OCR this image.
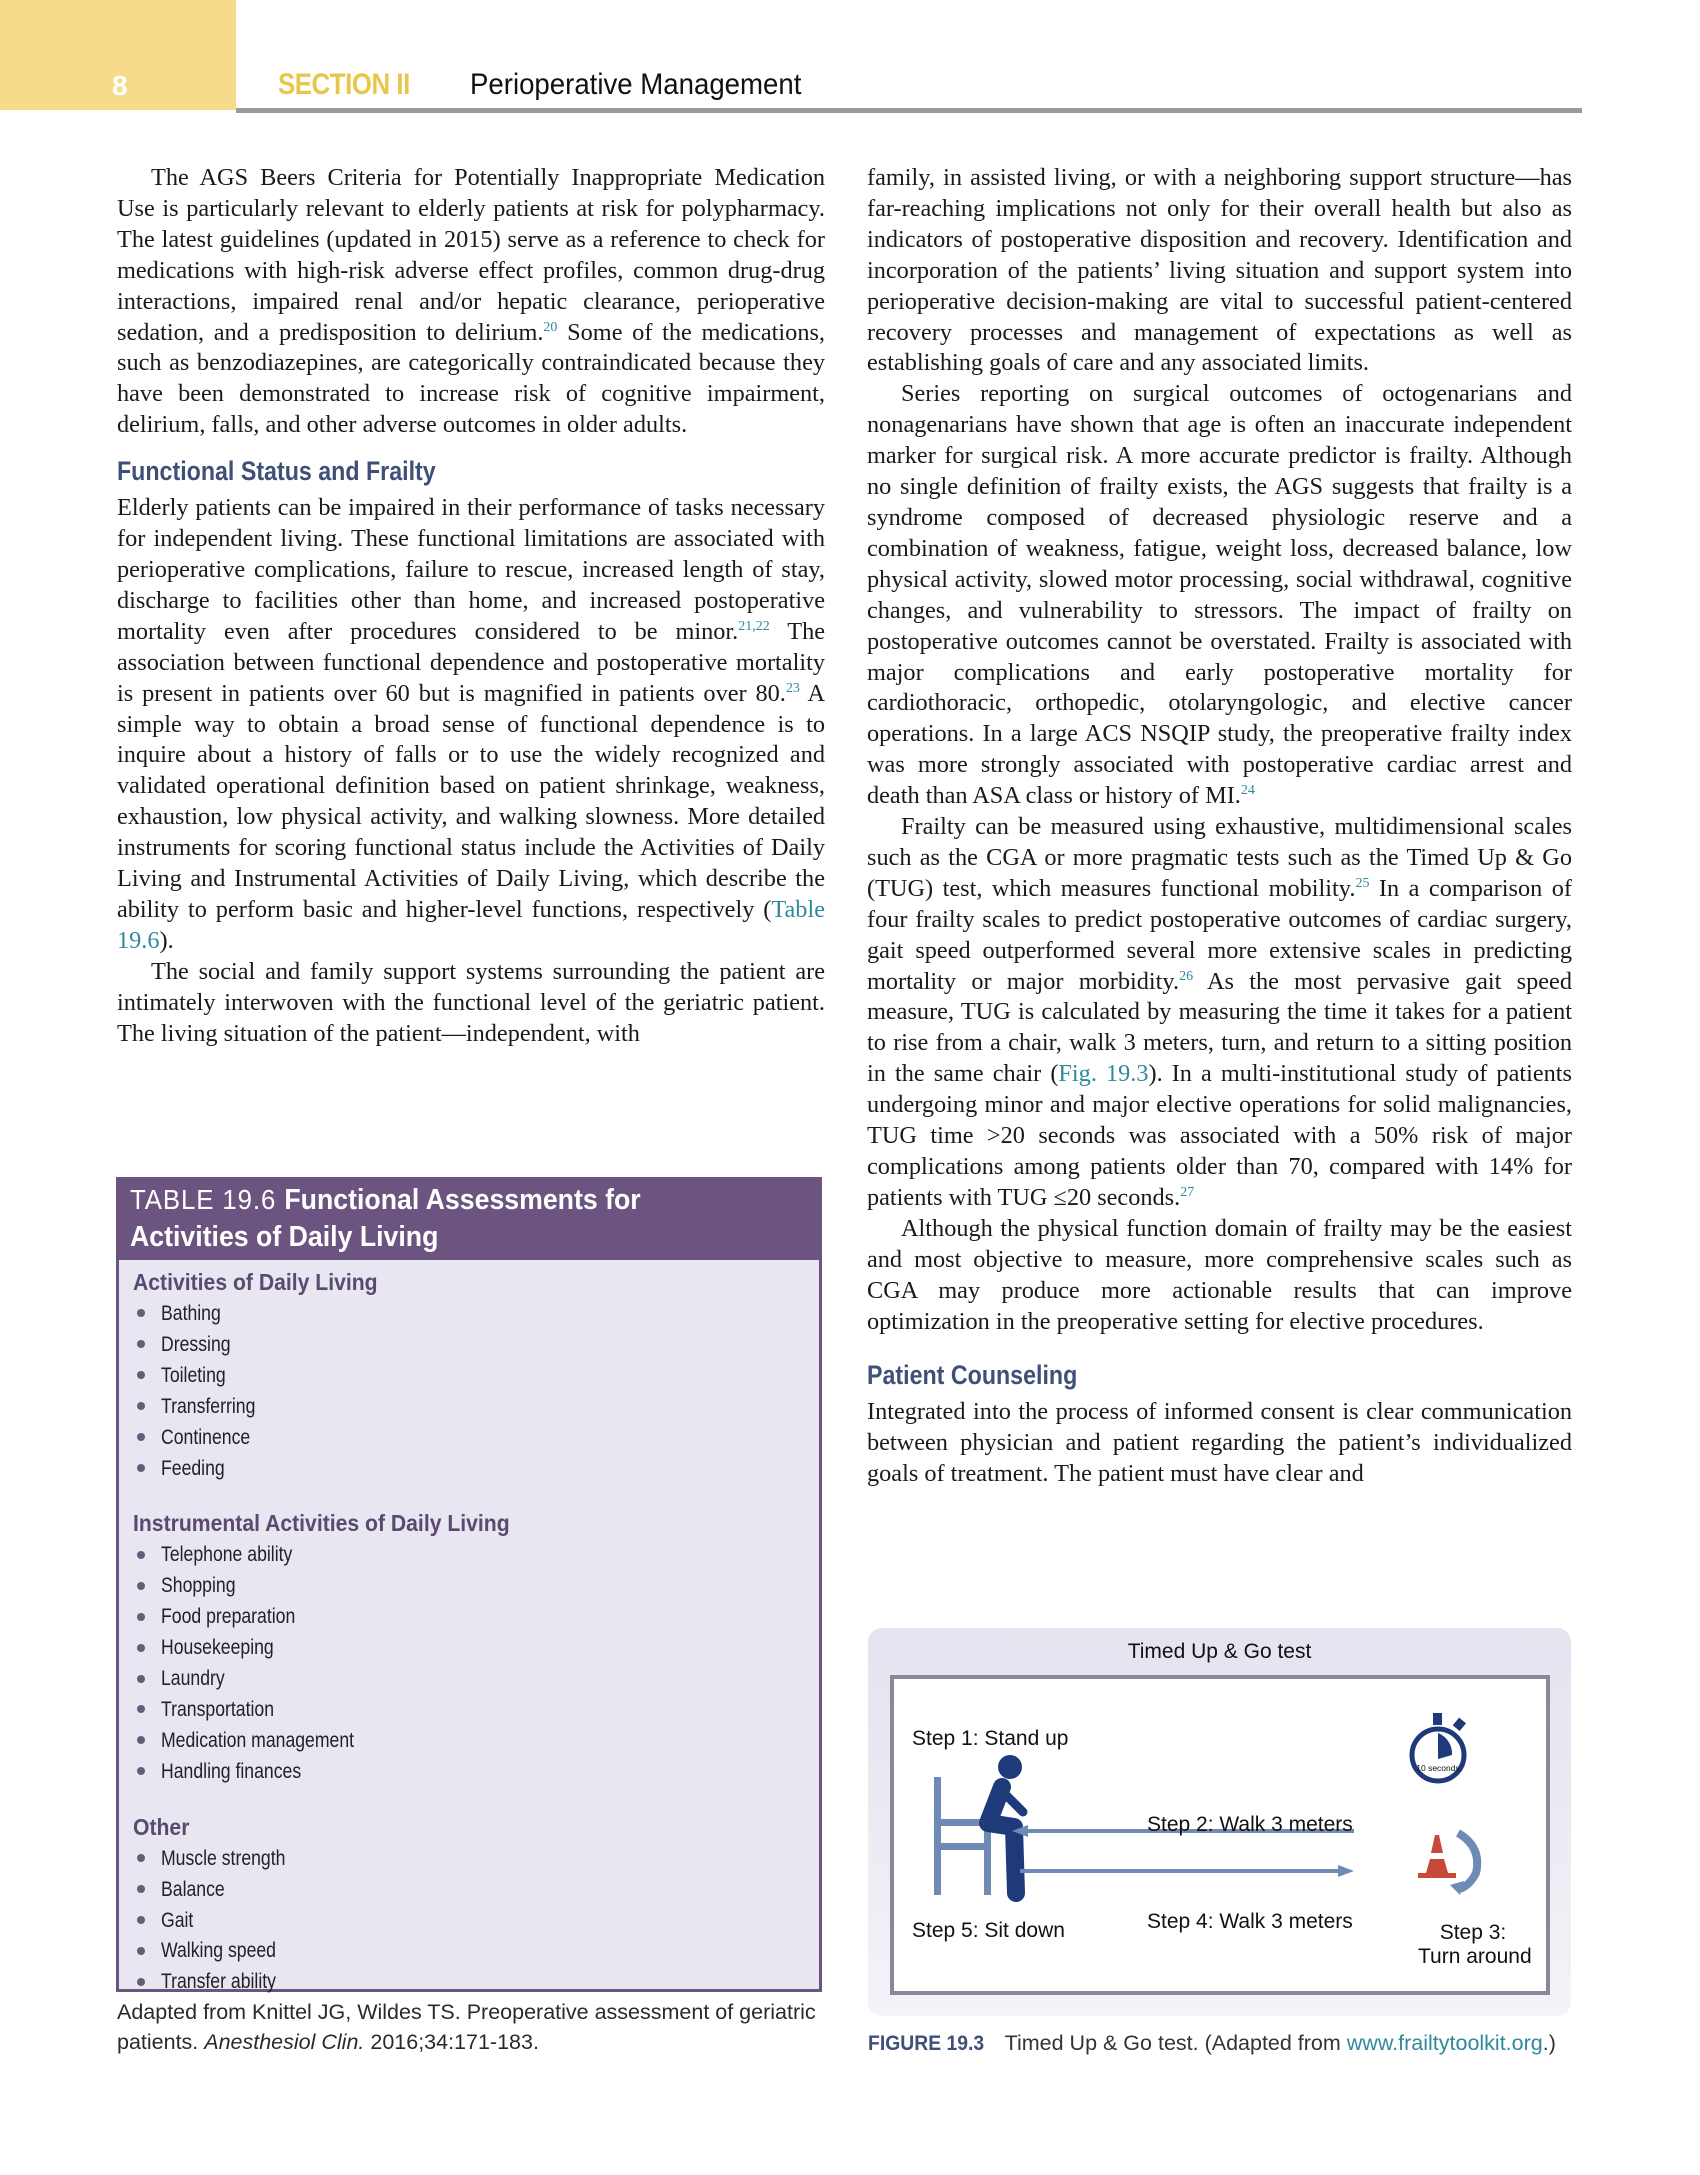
8	SECTION II Perioperative Management

The AGS Beers Criteria for Potentially Inappropriate Medication Use is particularly relevant to elderly patients at risk for polypharmacy. The latest guidelines (updated in 2015) serve as a reference to check for medications with high-risk adverse effect profiles, common drug-drug interactions, impaired renal and/or hepatic clearance, perioperative sedation, and a predisposition to delirium.$^{20}$ Some of the medications, such as benzodiazepines, are categorically contraindicated because they have been demonstrated to increase risk of cognitive impairment, delirium, falls, and other adverse outcomes in older adults.

Functional Status and Frailty

Elderly patients can be impaired in their performance of tasks necessary for independent living. These functional limitations are associated with perioperative complications, failure to rescue, increased length of stay, discharge to facilities other than home, and increased postoperative mortality even after procedures considered to be minor.$^{21,22}$ The association between functional dependence and postoperative mortality is present in patients over 60 but is magnified in patients over 80.23 A simple way to obtain a broad sense of functional dependence is to inquire about a history of falls or to use the widely recognized and validated operational definition based on patient shrinkage, weakness, exhaustion, low physical activity, and walking slowness. More detailed instruments for scoring functional status include the Activities of Daily Living and Instrumental Activities of Daily Living, which describe the ability to perform basic and higher-level functions, respectively (Table 19.6).

The social and family support systems surrounding the patient are intimately interwoven with the functional level of the geriatric patient. The living situation of the patient—independent, with

family, in assisted living, or with a neighboring support structure—has far-reaching implications not only for their overall health but also as indicators of postoperative disposition and recovery. Identification and incorporation of the patients’ living situation and support system into perioperative decision-making are vital to successful patient-centered recovery processes and management of expectations as well as establishing goals of care and any associated limits.

Series reporting on surgical outcomes of octogenarians and nonagenarians have shown that age is often an inaccurate independent marker for surgical risk. A more accurate predictor is frailty. Although no single definition of frailty exists, the AGS suggests that frailty is a syndrome composed of decreased physiologic reserve and a combination of weakness, fatigue, weight loss, decreased balance, low physical activity, slowed motor processing, social withdrawal, cognitive changes, and vulnerability to stressors. The impact of frailty on postoperative outcomes cannot be overstated. Frailty is associated with major complications and early postoperative mortality for cardiothoracic, orthopedic, otolaryngologic, and elective cancer operations. In a large ACS NSQIP study, the preoperative frailty index was more strongly associated with postoperative cardiac arrest and death than ASA class or history of MI.$^{24}$

Frailty can be measured using exhaustive, multidimensional scales such as the CGA or more pragmatic tests such as the Timed Up & Go (TUG) test, which measures functional mobility.$^{25}$ In a comparison of four frailty scales to predict postoperative outcomes of cardiac surgery, gait speed outperformed several more extensive scales in predicting mortality or major morbidity.$^{26}$ As the most pervasive gait speed measure, TUG is calculated by measuring the time it takes for a patient to rise from a chair, walk 3 meters, turn, and return to a sitting position in the same chair (Fig. 19.3). In a multi-institutional study of patients undergoing minor and major elective operations for solid malignancies, TUG time >20 seconds was associated with a 50% risk of major complications among patients older than 70, compared with 14% for patients with TUG ≤20 seconds.$^{27}$

Although the physical function domain of frailty may be the easiest and most objective to measure, more comprehensive scales such as CGA may produce more actionable results that can improve optimization in the preoperative setting for elective procedures.

Patient Counseling

Integrated into the process of informed consent is clear communication between physician and patient regarding the patient’s individualized goals of treatment. The patient must have clear and

TABLE 19.6 Functional Assessments for
Activities of Daily Living
Activities of Daily Living
Bathing
Dressing
Toileting
Transferring
Continence
Feeding
Instrumental Activities of Daily Living
Telephone ability
Shopping
Food preparation
Housekeeping
Laundry
Transportation
Medication management
Handling finances
Other
Muscle strength
Balance
Gait
Walking speed
Transfer ability
Adapted from Knittel JG, Wildes TS. Preoperative assessment of geriatric patients. Anesthesiol Clin. 2016;34:171-183.
Timed Up & Go test
10 seconds
Step 1: Stand up
Step 2: Walk 3 meters
Step 4: Walk 3 meters
Step 5: Sit down	Step 3:
Turn around
FIGURE 19.3 Timed Up & Go test. (Adapted from www.frailtytoolkit.org.)
